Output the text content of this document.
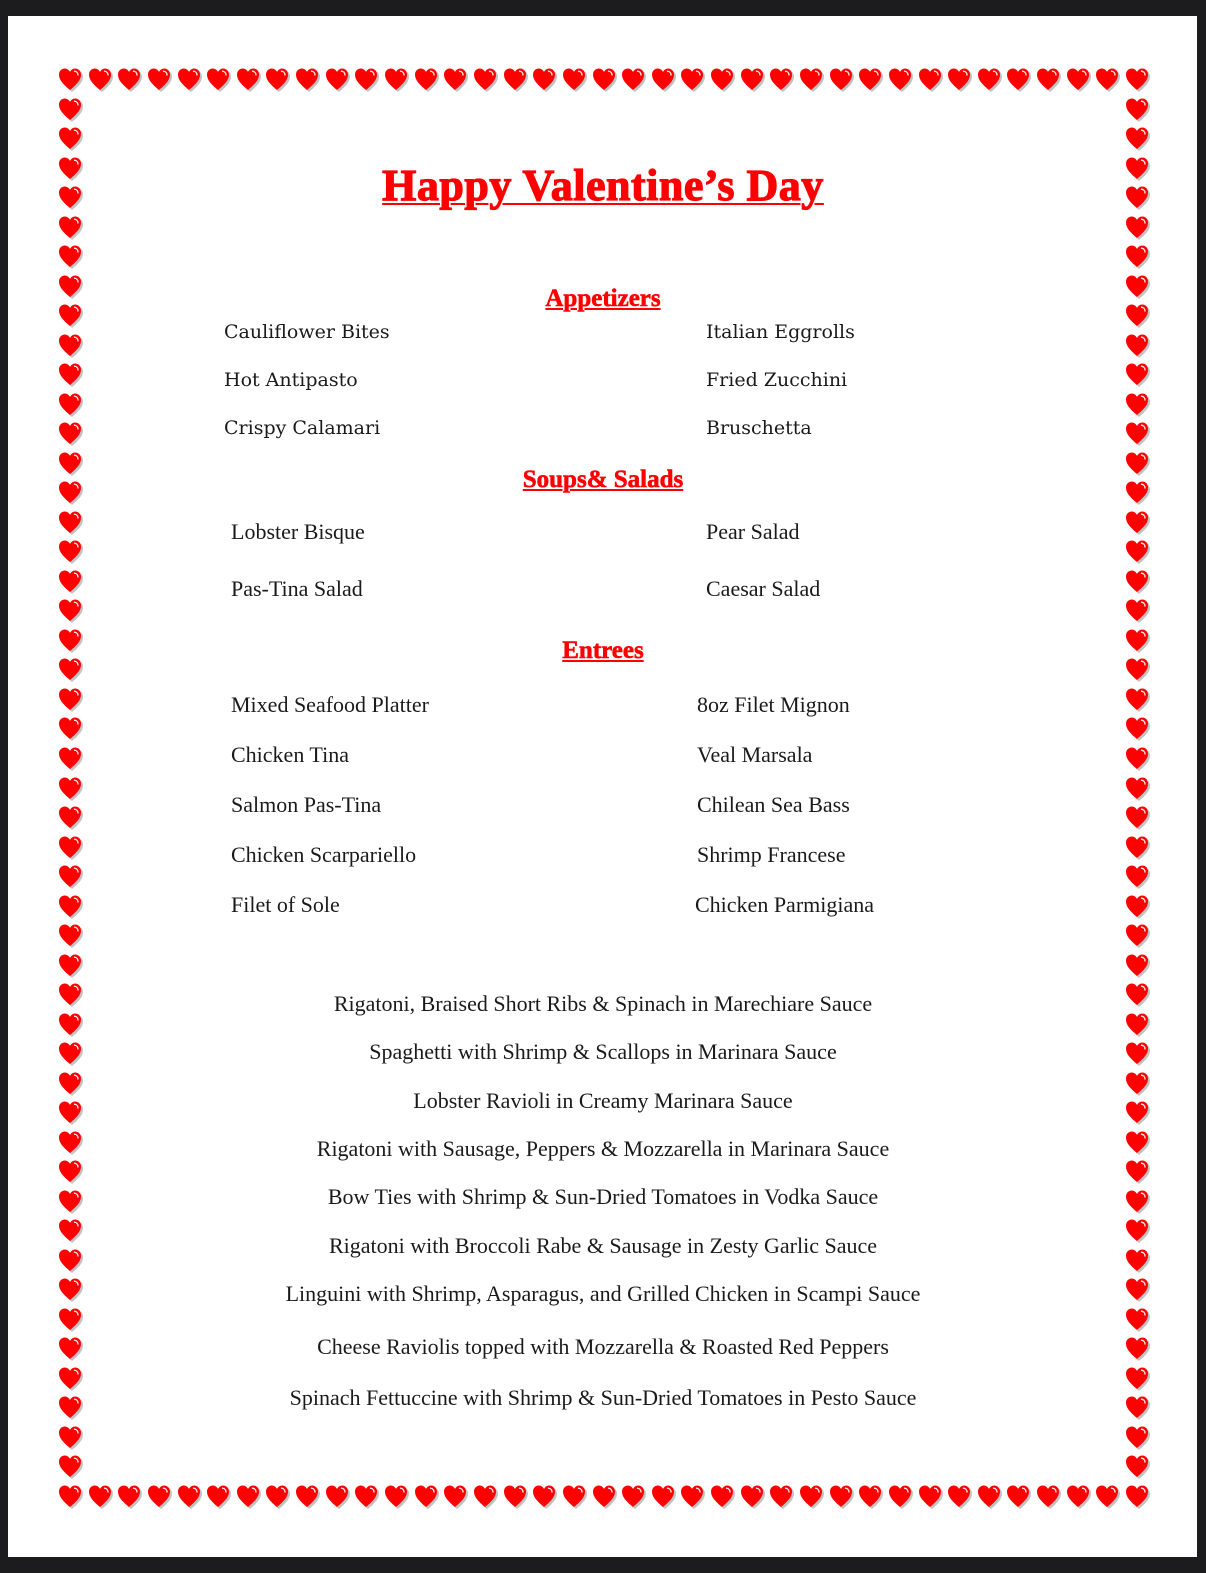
Happy Valentine’s Day
Appetizers
Cauliflower Bites
Hot Antipasto
Crispy Calamari
Italian Eggrolls
Fried Zucchini
Bruschetta
Soups& Salads
Lobster Bisque
Pas-Tina Salad
Pear Salad
Caesar Salad
Entrees
Mixed Seafood Platter
Chicken Tina
Salmon Pas-Tina
Chicken Scarpariello
Filet of Sole
8oz Filet Mignon
Veal Marsala
Chilean Sea Bass
Shrimp Francese
Chicken Parmigiana
Rigatoni, Braised Short Ribs & Spinach in Marechiare Sauce
Spaghetti with Shrimp & Scallops in Marinara Sauce
Lobster Ravioli in Creamy Marinara Sauce
Rigatoni with Sausage, Peppers & Mozzarella in Marinara Sauce
Bow Ties with Shrimp & Sun-Dried Tomatoes in Vodka Sauce
Rigatoni with Broccoli Rabe & Sausage in Zesty Garlic Sauce
Linguini with Shrimp, Asparagus, and Grilled Chicken in Scampi Sauce
Cheese Raviolis topped with Mozzarella & Roasted Red Peppers
Spinach Fettuccine with Shrimp & Sun-Dried Tomatoes in Pesto Sauce
